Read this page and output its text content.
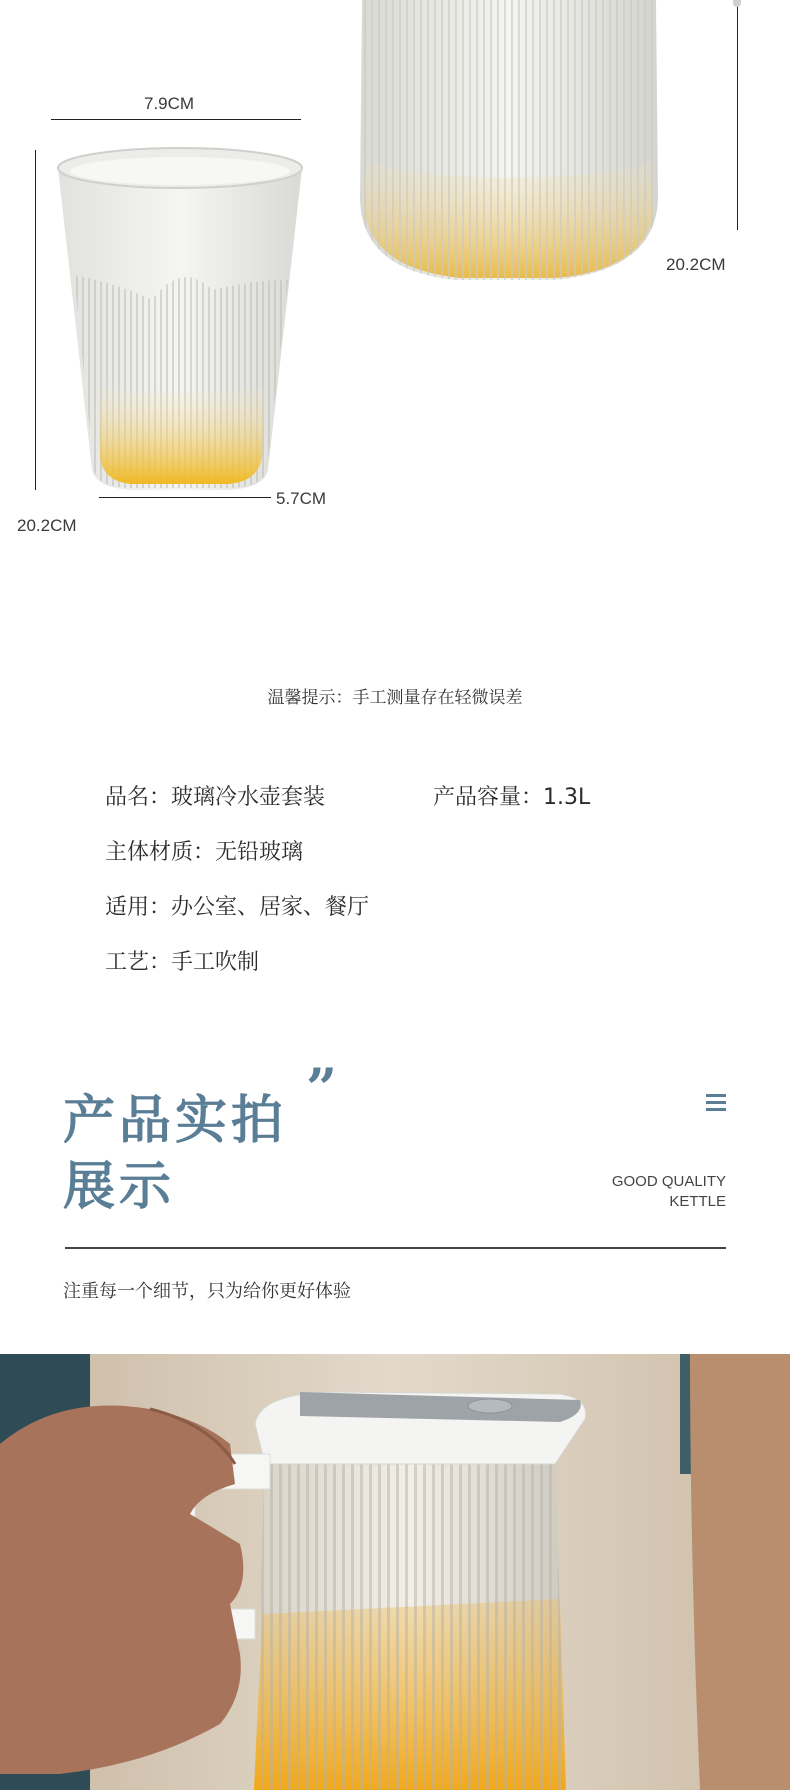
20.2CM
7.9CM
20.2CM
5.7CM
温馨提示：手工测量存在轻微误差
品名：玻璃冷水壶套装	产品容量：1.3L
主体材质：无铅玻璃
适用：办公室、居家、餐厅
工艺：手工吹制
产品实拍
展示
”
GOOD QUALITY
KETTLE
注重每一个细节，只为给你更好体验
